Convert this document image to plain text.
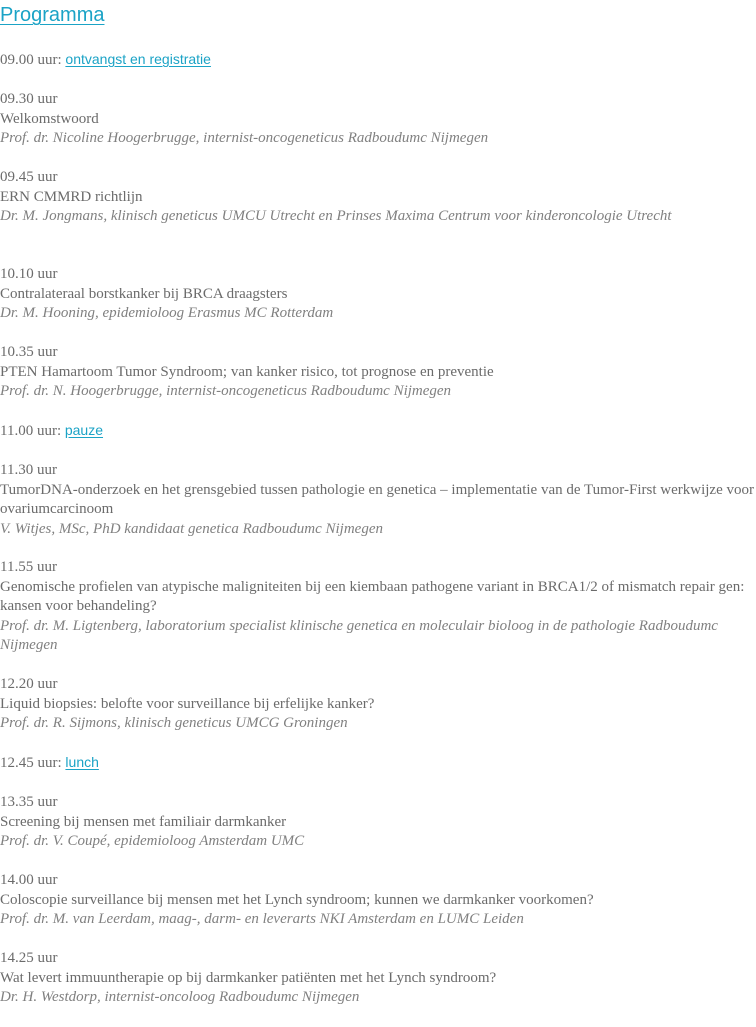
Programma
09.00 uur: ontvangst en registratie
09.30 uur
Welkomstwoord
Prof. dr. Nicoline Hoogerbrugge, internist-oncogeneticus Radboudumc Nijmegen
09.45 uur
ERN CMMRD richtlijn
Dr. M. Jongmans, klinisch geneticus UMCU Utrecht en Prinses Maxima Centrum voor kinderoncologie Utrecht
10.10 uur
Contralateraal borstkanker bij BRCA draagsters
Dr. M. Hooning, epidemioloog Erasmus MC Rotterdam
10.35 uur
PTEN Hamartoom Tumor Syndroom; van kanker risico, tot prognose en preventie
Prof. dr. N. Hoogerbrugge, internist-oncogeneticus Radboudumc Nijmegen
11.00 uur: pauze
11.30 uur
TumorDNA-onderzoek en het grensgebied tussen pathologie en genetica – implementatie van de Tumor-First werkwijze voor ovariumcarcinoom
V. Witjes, MSc, PhD kandidaat genetica Radboudumc Nijmegen
11.55 uur
Genomische profielen van atypische maligniteiten bij een kiembaan pathogene variant in BRCA1/2 of mismatch repair gen: kansen voor behandeling?
Prof. dr. M. Ligtenberg, laboratorium specialist klinische genetica en moleculair bioloog in de pathologie Radboudumc Nijmegen
12.20 uur
Liquid biopsies: belofte voor surveillance bij erfelijke kanker?
Prof. dr. R. Sijmons, klinisch geneticus UMCG Groningen
12.45 uur: lunch
13.35 uur
Screening bij mensen met familiair darmkanker
Prof. dr. V. Coupé, epidemioloog Amsterdam UMC
14.00 uur
Coloscopie surveillance bij mensen met het Lynch syndroom; kunnen we darmkanker voorkomen?
Prof. dr. M. van Leerdam, maag-, darm- en leverarts NKI Amsterdam en LUMC Leiden
14.25 uur
Wat levert immuuntherapie op bij darmkanker patiënten met het Lynch syndroom?
Dr. H. Westdorp, internist-oncoloog Radboudumc Nijmegen
